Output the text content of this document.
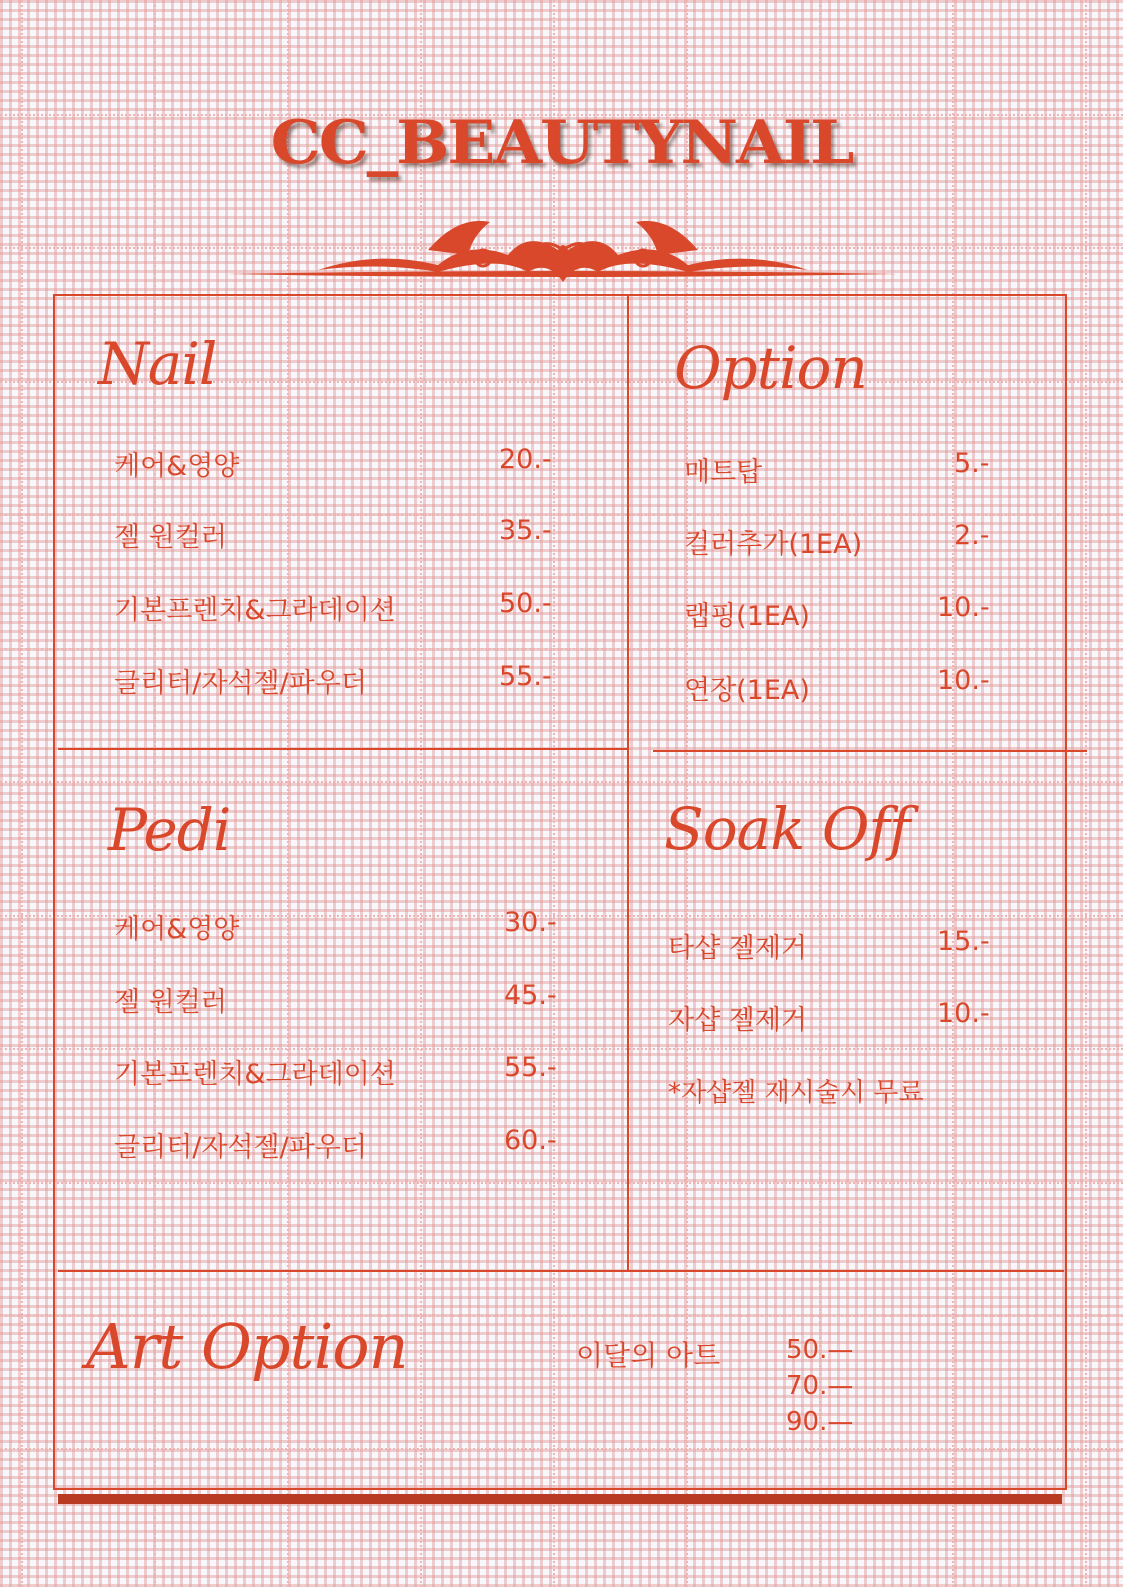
CC_BEAUTYNAIL
Nail
케어&영양	20.-
젤 원컬러	35.-
기본프렌치&그라데이션	50.-
글리터/자석젤/파우더	55.-
Option
매트탑	5.-
컬러추가(1EA)	2.-
랩핑(1EA)	10.-
연장(1EA)	10.-
Pedi
케어&영양	30.-
젤 원컬러	45.-
기본프렌치&그라데이션	55.-
글리터/자석젤/파우더	60.-
Soak Off
타샵 젤제거	15.-
자샵 젤제거	10.-
*자샵젤 재시술시 무료
Art Option	이달의 아트	50.—
70.—
90.—
